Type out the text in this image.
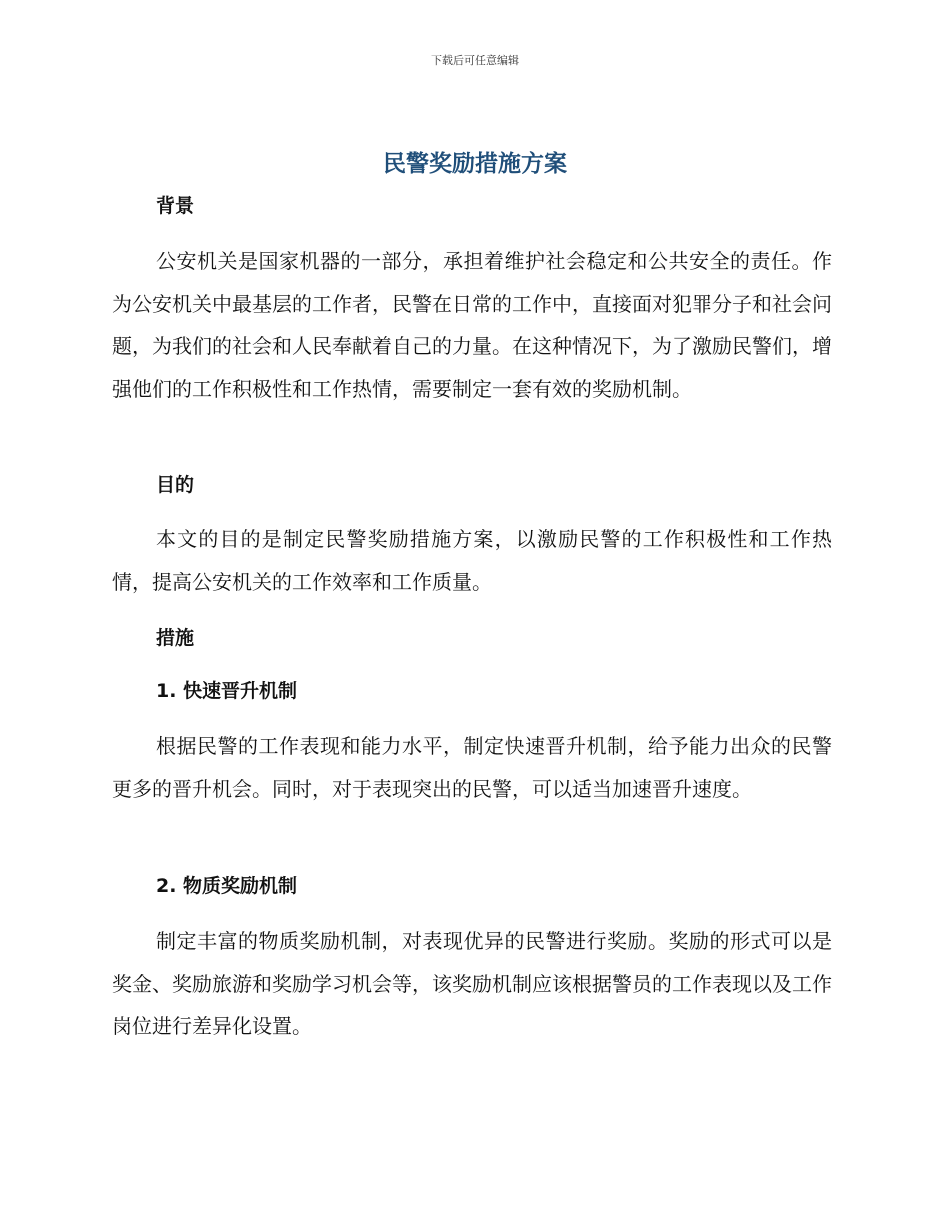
下载后可任意编辑
民警奖励措施方案
背景
公安机关是国家机器的一部分，承担着维护社会稳定和公共安全的责任。作为公安机关中最基层的工作者，民警在日常的工作中，直接面对犯罪分子和社会问题，为我们的社会和人民奉献着自己的力量。在这种情况下，为了激励民警们，增强他们的工作积极性和工作热情，需要制定一套有效的奖励机制。
目的
本文的目的是制定民警奖励措施方案，以激励民警的工作积极性和工作热情，提高公安机关的工作效率和工作质量。
措施
1. 快速晋升机制
根据民警的工作表现和能力水平，制定快速晋升机制，给予能力出众的民警更多的晋升机会。同时，对于表现突出的民警，可以适当加速晋升速度。
2. 物质奖励机制
制定丰富的物质奖励机制，对表现优异的民警进行奖励。奖励的形式可以是奖金、奖励旅游和奖励学习机会等，该奖励机制应该根据警员的工作表现以及工作岗位进行差异化设置。
